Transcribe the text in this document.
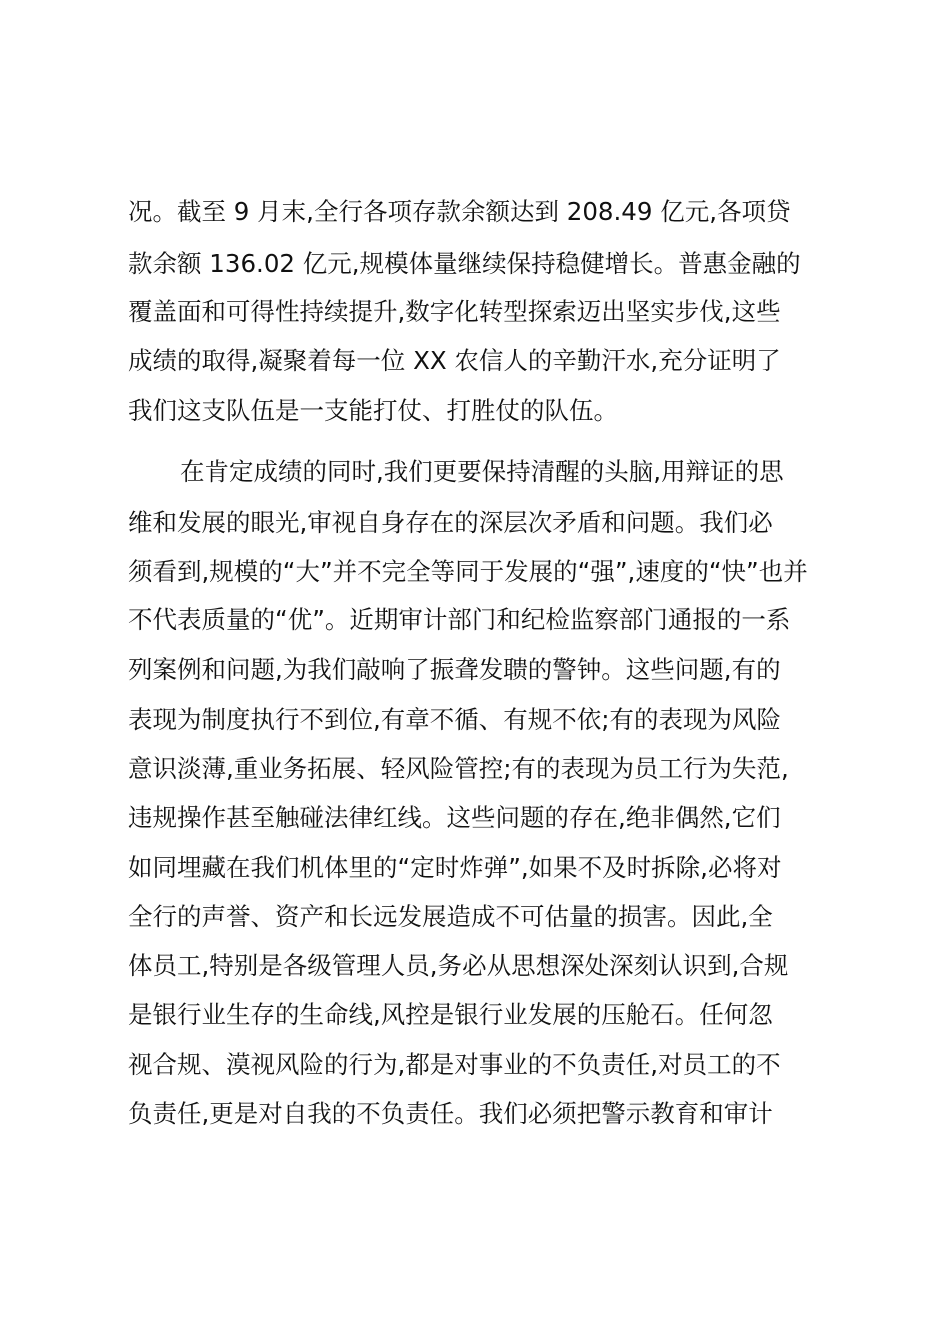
况。截至 9 月末,全行各项存款余额达到 208.49 亿元,各项贷
款余额 136.02 亿元,规模体量继续保持稳健增长。普惠金融的
覆盖面和可得性持续提升,数字化转型探索迈出坚实步伐,这些
成绩的取得,凝聚着每一位 XX 农信人的辛勤汗水,充分证明了
我们这支队伍是一支能打仗、打胜仗的队伍。
在肯定成绩的同时,我们更要保持清醒的头脑,用辩证的思
维和发展的眼光,审视自身存在的深层次矛盾和问题。我们必
须看到,规模的“大”并不完全等同于发展的“强”,速度的“快”也并
不代表质量的“优”。近期审计部门和纪检监察部门通报的一系
列案例和问题,为我们敲响了振聋发聩的警钟。这些问题,有的
表现为制度执行不到位,有章不循、有规不依;有的表现为风险
意识淡薄,重业务拓展、轻风险管控;有的表现为员工行为失范,
违规操作甚至触碰法律红线。这些问题的存在,绝非偶然,它们
如同埋藏在我们机体里的“定时炸弹”,如果不及时拆除,必将对
全行的声誉、资产和长远发展造成不可估量的损害。因此,全
体员工,特别是各级管理人员,务必从思想深处深刻认识到,合规
是银行业生存的生命线,风控是银行业发展的压舱石。任何忽
视合规、漠视风险的行为,都是对事业的不负责任,对员工的不
负责任,更是对自我的不负责任。我们必须把警示教育和审计
